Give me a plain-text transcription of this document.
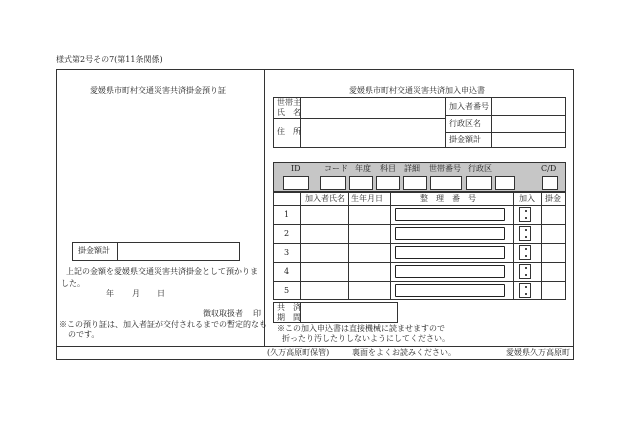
様式第2号その7(第11条関係)
愛媛県市町村交通災害共済掛金預り証
掛金額計
上記の金額を愛媛県交通災害共済掛金として預かりま
した。
年 月 日
徴収取扱者 印
※この預り証は、加入者証が交付されるまでの暫定的なも
のです。
(久万高原町保管)
愛媛県市町村交通災害共済加入申込書
世帯主
氏　名
住　所
加入者番号
行政区名
掛金額計
ID	コード 年度 科目 詳細 世帯番号 行政区	C/D
加入者氏名 生年月日	整　理　番　号	加入 掛金
1
2
3
4
5
共　済
期　間
※この加入申込書は直接機械に読ませますので
折ったり汚したりしないようにしてください。
裏面をよくお読みください。	愛媛県久万高原町
